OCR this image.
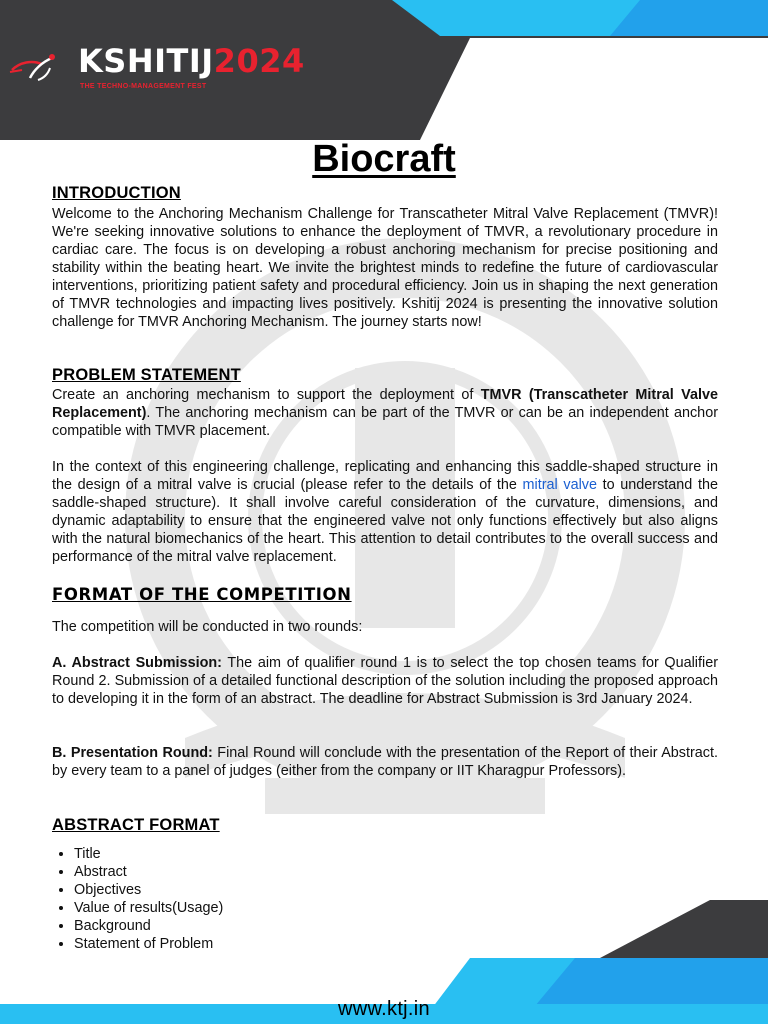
KSHITIJ2024
THE TECHNO-MANAGEMENT FEST
Biocraft
INTRODUCTION
Welcome to the Anchoring Mechanism Challenge for Transcatheter Mitral Valve Replacement (TMVR)! We're seeking innovative solutions to enhance the deployment of TMVR, a revolutionary procedure in cardiac care. The focus is on developing a robust anchoring mechanism for precise positioning and stability within the beating heart. We invite the brightest minds to redefine the future of cardiovascular interventions, prioritizing patient safety and procedural efficiency. Join us in shaping the next generation of TMVR technologies and impacting lives positively. Kshitij 2024 is presenting the innovative solution challenge for TMVR Anchoring Mechanism. The journey starts now!
PROBLEM STATEMENT
Create an anchoring mechanism to support the deployment of TMVR (Transcatheter Mitral Valve Replacement). The anchoring mechanism can be part of the TMVR or can be an independent anchor compatible with TMVR placement.
In the context of this engineering challenge, replicating and enhancing this saddle-shaped structure in the design of a mitral valve is crucial (please refer to the details of the mitral valve to understand the saddle-shaped structure). It shall involve careful consideration of the curvature, dimensions, and dynamic adaptability to ensure that the engineered valve not only functions effectively but also aligns with the natural biomechanics of the heart. This attention to detail contributes to the overall success and performance of the mitral valve replacement.
FORMAT OF THE COMPETITION
The competition will be conducted in two rounds:
A. Abstract Submission: The aim of qualifier round 1 is to select the top chosen teams for Qualifier Round 2. Submission of a detailed functional description of the solution including the proposed approach to developing it in the form of an abstract. The deadline for Abstract Submission is 3rd January 2024.
B. Presentation Round: Final Round will conclude with the presentation of the Report of their Abstract. by every team to a panel of judges (either from the company or IIT Kharagpur Professors).
ABSTRACT FORMAT
• Title
• Abstract
• Objectives
• Value of results(Usage)
• Background
• Statement of Problem
www.ktj.in
